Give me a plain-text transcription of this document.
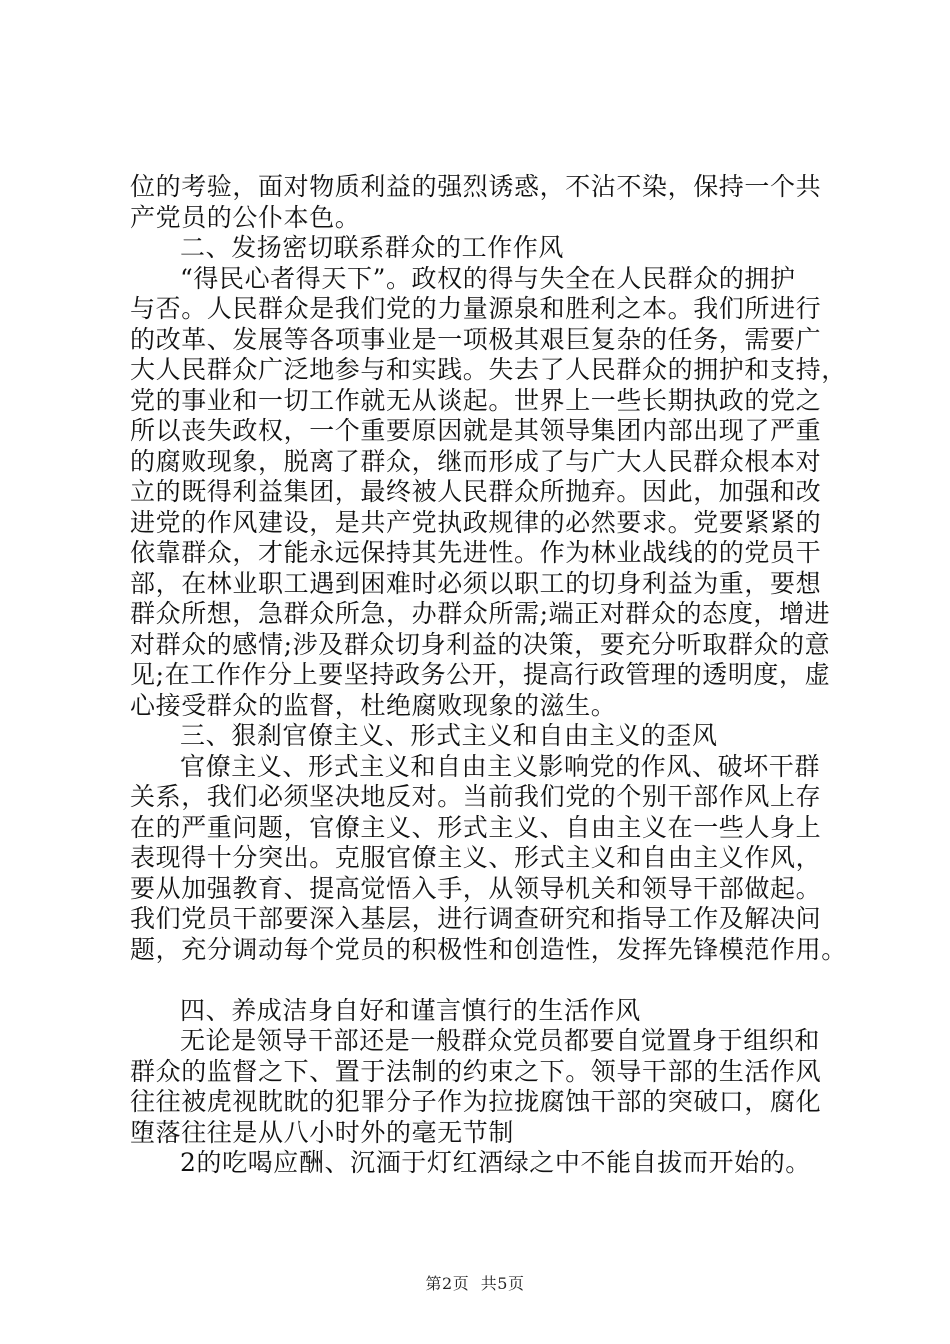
位的考验，面对物质利益的强烈诱惑，不沾不染，保持一个共
产党员的公仆本色。
二、发扬密切联系群众的工作作风
“得民心者得天下”。政权的得与失全在人民群众的拥护
与否。人民群众是我们党的力量源泉和胜利之本。我们所进行
的改革、发展等各项事业是一项极其艰巨复杂的任务，需要广
大人民群众广泛地参与和实践。失去了人民群众的拥护和支持，
党的事业和一切工作就无从谈起。世界上一些长期执政的党之
所以丧失政权，一个重要原因就是其领导集团内部出现了严重
的腐败现象，脱离了群众，继而形成了与广大人民群众根本对
立的既得利益集团，最终被人民群众所抛弃。因此，加强和改
进党的作风建设，是共产党执政规律的必然要求。党要紧紧的
依靠群众，才能永远保持其先进性。作为林业战线的的党员干
部，在林业职工遇到困难时必须以职工的切身利益为重，要想
群众所想，急群众所急，办群众所需;端正对群众的态度，增进
对群众的感情;涉及群众切身利益的决策，要充分听取群众的意
见;在工作作分上要坚持政务公开，提高行政管理的透明度，虚
心接受群众的监督，杜绝腐败现象的滋生。
三、狠刹官僚主义、形式主义和自由主义的歪风
官僚主义、形式主义和自由主义影响党的作风、破坏干群
关系，我们必须坚决地反对。当前我们党的个别干部作风上存
在的严重问题，官僚主义、形式主义、自由主义在一些人身上
表现得十分突出。克服官僚主义、形式主义和自由主义作风，
要从加强教育、提高觉悟入手，从领导机关和领导干部做起。
我们党员干部要深入基层，进行调查研究和指导工作及解决问
题，充分调动每个党员的积极性和创造性，发挥先锋模范作用。
四、养成洁身自好和谨言慎行的生活作风
无论是领导干部还是一般群众党员都要自觉置身于组织和
群众的监督之下、置于法制的约束之下。领导干部的生活作风
往往被虎视眈眈的犯罪分子作为拉拢腐蚀干部的突破口，腐化
堕落往往是从八小时外的毫无节制
2的吃喝应酬、沉湎于灯红酒绿之中不能自拔而开始的。
第2页 共5页
